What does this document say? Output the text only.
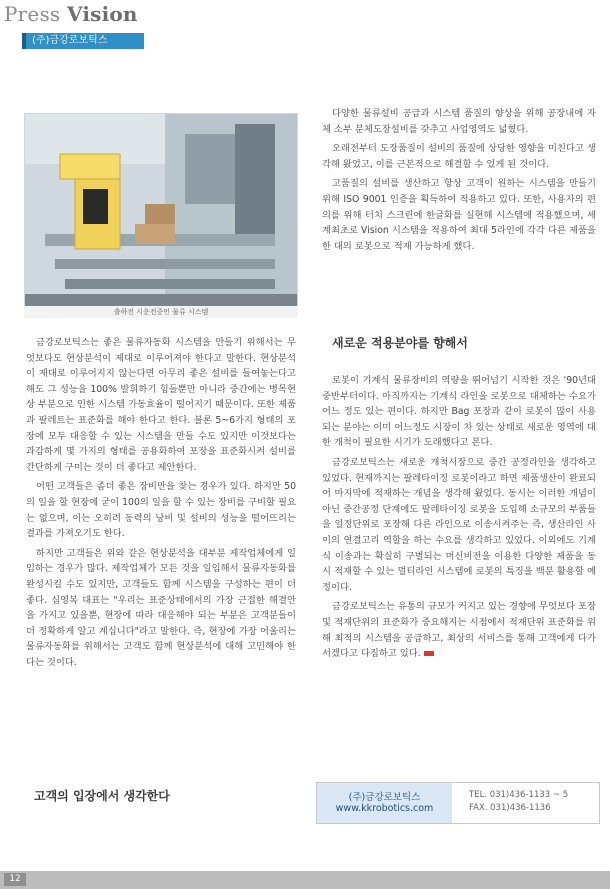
Press Vision
(주)금강로보틱스
출하전 시운전중인 물류 시스템

금강로보틱스는 좋은 물류자동화 시스템을 만들기 위해서는 무엇보다도 현상분석이 제대로 이루어져야 한다고 말한다. 현상분석이 제대로 이루어지지 않는다면 아무리 좋은 설비를 들여놓는다고 해도 그 성능을 100% 발휘하기 힘들뿐만 아니라 중간에는 병목현상 부분으로 인한 시스템 가동효율이 떨어지기 때문이다. 또한 제품과 팔레트는 표준화를 해야 한다고 한다. 불론 5~6가지 형태의 포장에 모두 대응할 수 있는 시스템을 만들 수도 있지만 이것보다는 과감하게 몇 가지의 형태를 공용화하여 포장을 표준화시켜 설비를 간단하게 구미는 것이 더 좋다고 제안한다.

어떤 고객들은 좀더 좋은 장비만을 찾는 경우가 있다. 하지만 50의 일을 할 현장에 굳이 100의 일을 할 수 있는 장비를 구비할 필요는 없으며, 이는 오히려 동력의 낭비 및 설비의 성능을 떨어뜨리는 결과를 가져오기도 한다.

하지만 고객들은 위와 같은 현상분석을 대부분 제작업체에게 일임하는 경우가 많다. 제작업체가 모든 것을 일임해서 물류자동화를 완성시킬 수도 있지만, 고객들도 함께 시스템을 구성하는 편이 더 좋다. 심영복 대표는 "우리는 표준상태에서의 가장 근접한 해결안을 가지고 있을뿐, 현장에 따라 대응해야 되는 부분은 고객분들이 더 정확하게 알고 계십니다"라고 말한다. 즉, 현장에 가장 어울리는 물류자동화를 위해서는 고객도 함께 현상분석에 대해 고민해야 한다는 것이다.

고객의 입장에서 생각한다

다양한 물류설비 공급과 시스템 품질의 향상을 위해 공장내에 자체 소부 분체도장설비를 갖추고 사업영역도 넓혔다.

오래전부터 도장품질이 설비의 품질에 상당한 영향을 미친다고 생각해 왔었고, 이를 근본적으로 해결할 수 있게 된 것이다.

고품질의 설비를 생산하고 항상 고객이 원하는 시스템을 만들기 위해 ISO 9001 인증을 획득하여 적용하고 있다. 또한, 사용자의 편의를 위해 터치 스크린에 한글화를 실현해 시스템에 적용했으며, 세계최초로 Vision 시스템을 적용하여 최대 5라인에 각각 다른 제품을 한 대의 로봇으로 적재 가능하게 했다.

새로운 적용분야를 향해서

로봇이 기계식 물류장비의 역량을 뛰어넘기 시작한 것은 '90년대 중반부터이다. 아직까지는 기계식 라인을 로봇으로 대체하는 수요가 어느 정도 있는 편이다. 하지만 Bag 포장과 같이 로봇이 많이 사용되는 분야는 이미 어느정도 시장이 차 있는 상태로 새로운 영역에 대한 개척이 필요한 시기가 도래했다고 본다.

금강로보틱스는 새로운 개척시장으로 중간 공정라인을 생각하고 있었다. 현재까지는 팔레타이징 로봇이라고 하면 제품생산이 완료되어 마지막에 적재하는 개념을 생각해 왔었다. 동시는 이러한 개념이 아닌 중간공정 단계에도 팔레타이징 로봇을 도입해 소규모의 부품들을 일정단위로 포장해 다른 라인으로 이송시켜주는 즉, 생산라인 사이의 연결고리 역할을 하는 수요를 생각하고 있었다. 이외에도 기계식 이송과는 확실히 구별되는 머신비전을 이용한 다양한 제품을 동시 적재할 수 있는 멀티라인 시스템에 로봇의 특징을 백분 활용할 예정이다.

금강로보틱스는 유통의 규모가 커지고 있는 경향에 무엇보다 포장 및 적재단위의 표준화가 중요해지는 시점에서 적재단위 표준화를 위해 최적의 시스템을 공급하고, 최상의 서비스를 통해 고객에게 다가서겠다고 다짐하고 있다.

(주)금강로보틱스
www.kkrobotics.com
TEL. 031)436-1133 ~ 5
FAX. 031)436-1136
12
